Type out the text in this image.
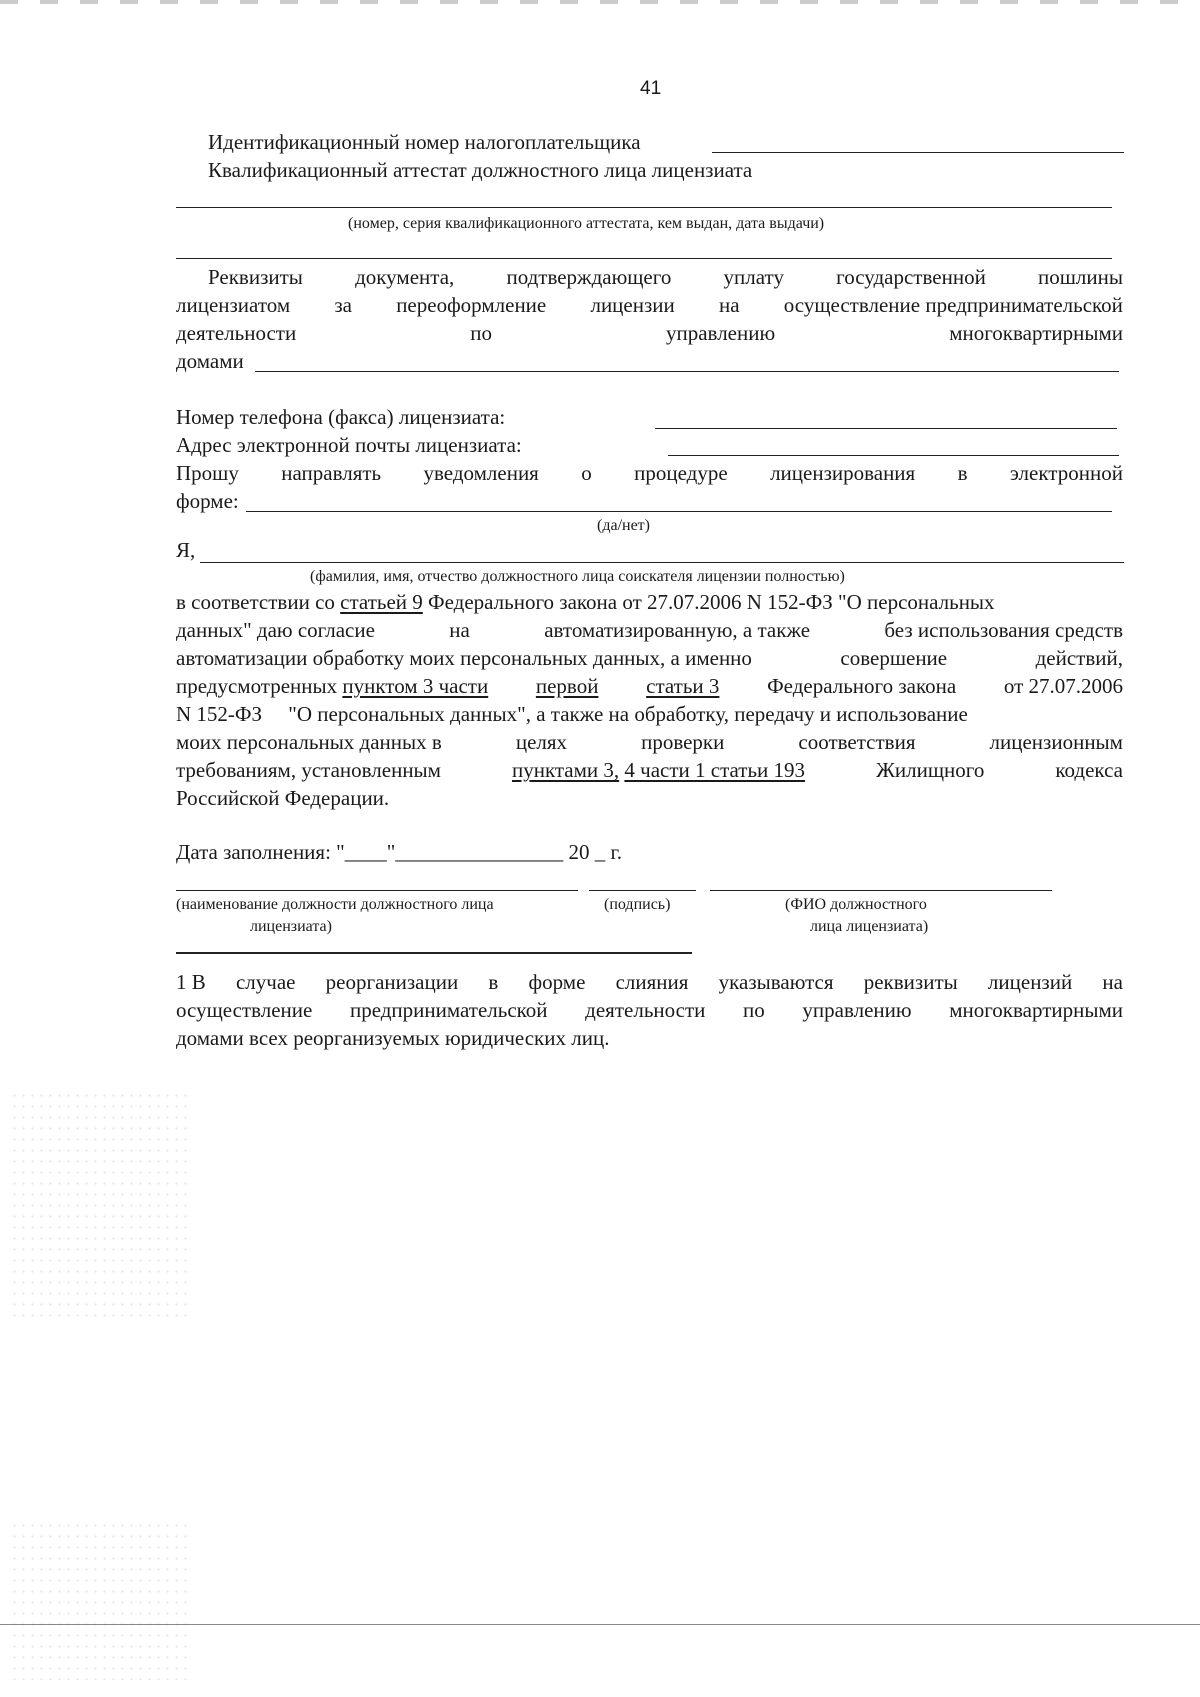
41
Идентификационный номер налогоплательщика
Квалификационный аттестат должностного лица лицензиата
(номер, серия квалификационного аттестата, кем выдан, дата выдачи)
Реквизиты документа, подтверждающего уплату государственной пошлины
лицензиатом за переоформление лицензии на осуществление предпринимательской
деятельности	по	управлению	многоквартирными
домами
Номер телефона (факса) лицензиата:
Адрес электронной почты лицензиата:
Прошу направлять уведомления о процедуре лицензирования в электронной
форме:
(да/нет)
Я,
(фамилия, имя, отчество должностного лица соискателя лицензии полностью)
в соответствии со статьей 9 Федерального закона от 27.07.2006 N 152-ФЗ "О персональных
данных" даю согласие	на	автоматизированную, а также	без использования средств
автоматизации обработку моих персональных данных, а именно	совершение	действий,
предусмотренных пунктом 3 части первой статьи 3 Федерального закона от 27.07.2006
N 152-ФЗ     "О персональных данных", а также на обработку, передачу и использование
моих персональных данных в	целях	проверки	соответствия	лицензионным
требованиям, установленным	пунктами 3, 4 части 1 статьи 193	Жилищного	кодекса
Российской Федерации.
Дата заполнения: "____"________________ 20 _ г.
(наименование должности должностного лица
лицензиата)
(подпись)	(ФИО должностного
лица лицензиата)
1 В случае реорганизации в форме слияния указываются реквизиты лицензий на
осуществление предпринимательской деятельности по управлению многоквартирными
домами всех реорганизуемых юридических лиц.
